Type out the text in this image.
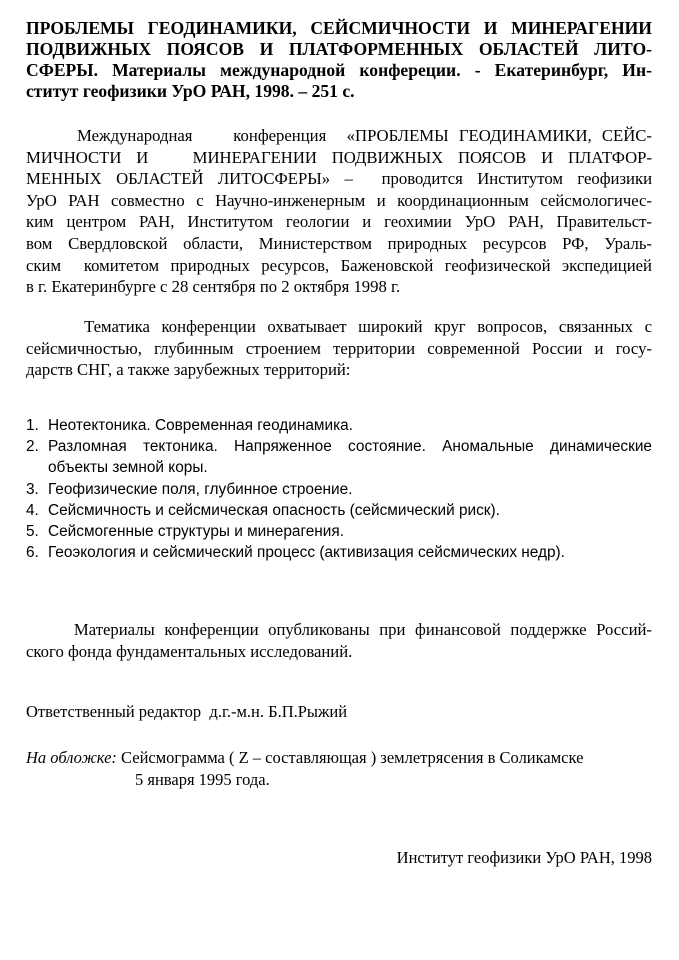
ПРОБЛЕМЫ ГЕОДИНАМИКИ, СЕЙСМИЧНОСТИ И МИНЕРАГЕНИИ
ПОДВИЖНЫХ ПОЯСОВ И ПЛАТФОРМЕННЫХ ОБЛАСТЕЙ ЛИТО-
СФЕРЫ. Материалы международной конфереции. - Екатеринбург, Ин-
ститут геофизики УрО РАН, 1998. – 251 с.

Международная    конференция  «ПРОБЛЕМЫ ГЕОДИНАМИКИ, СЕЙС-
МИЧНОСТИ И   МИНЕРАГЕНИИ ПОДВИЖНЫХ ПОЯСОВ И ПЛАТФОР-
МЕННЫХ ОБЛАСТЕЙ ЛИТОСФЕРЫ» –  проводится Институтом геофизики
УрО РАН совместно с Научно-инженерным и координационным сейсмологичес-
ким центром РАН, Институтом геологии и геохимии УрО РАН, Правительст-
вом Свердловской области, Министерством природных ресурсов РФ, Ураль-
ским  комитетом природных ресурсов, Баженовской геофизической экспедицией
в г. Екатеринбурге с 28 сентября по 2 октября 1998 г.

Тематика конференции охватывает широкий круг вопросов, связанных с
сейсмичностью, глубинным строением территории современной России и госу-
дарств СНГ, а также зарубежных территорий:

1. Неотектоника. Современная геодинамика.
2. Разломная тектоника. Напряженное состояние. Аномальные динамические
объекты земной коры.
3. Геофизические поля, глубинное строение.
4. Сейсмичность и сейсмическая опасность (сейсмический риск).
5. Сейсмогенные структуры и минерагения.
6. Геоэкология и сейсмический процесс (активизация сейсмических недр).

Материалы конференции опубликованы при финансовой поддержке Россий-
ского фонда фундаментальных исследований.

Ответственный редактор  д.г.-м.н. Б.П.Рыжий
На обложке: Сейсмограмма ( Z – составляющая ) землетрясения в Соликамске
5 января 1995 года.
Институт геофизики УрО РАН, 1998
